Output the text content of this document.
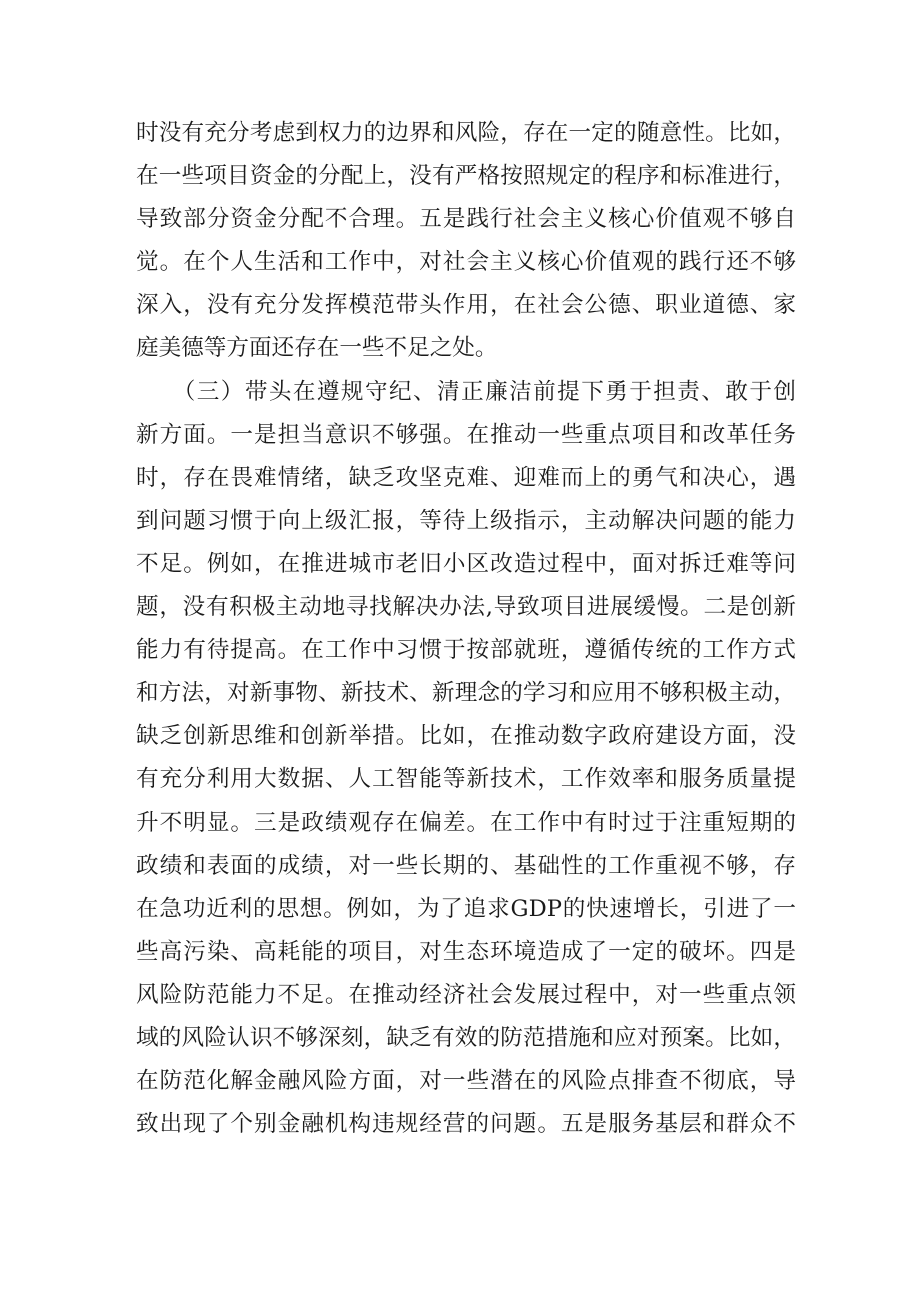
时没有充分考虑到权力的边界和风险，存在一定的随意性。比如，
在一些项目资金的分配上，没有严格按照规定的程序和标准进行，
导致部分资金分配不合理。五是践行社会主义核心价值观不够自
觉。在个人生活和工作中，对社会主义核心价值观的践行还不够
深入，没有充分发挥模范带头作用，在社会公德、职业道德、家
庭美德等方面还存在一些不足之处。
　　（三）带头在遵规守纪、清正廉洁前提下勇于担责、敢于创
新方面。一是担当意识不够强。在推动一些重点项目和改革任务
时，存在畏难情绪，缺乏攻坚克难、迎难而上的勇气和决心，遇
到问题习惯于向上级汇报，等待上级指示，主动解决问题的能力
不足。例如，在推进城市老旧小区改造过程中，面对拆迁难等问
题，没有积极主动地寻找解决办法,导致项目进展缓慢。二是创新
能力有待提高。在工作中习惯于按部就班，遵循传统的工作方式
和方法，对新事物、新技术、新理念的学习和应用不够积极主动，
缺乏创新思维和创新举措。比如，在推动数字政府建设方面，没
有充分利用大数据、人工智能等新技术，工作效率和服务质量提
升不明显。三是政绩观存在偏差。在工作中有时过于注重短期的
政绩和表面的成绩，对一些长期的、基础性的工作重视不够，存
在急功近利的思想。例如，为了追求GDP的快速增长，引进了一
些高污染、高耗能的项目，对生态环境造成了一定的破坏。四是
风险防范能力不足。在推动经济社会发展过程中，对一些重点领
域的风险认识不够深刻，缺乏有效的防范措施和应对预案。比如，
在防范化解金融风险方面，对一些潜在的风险点排查不彻底，导
致出现了个别金融机构违规经营的问题。五是服务基层和群众不
